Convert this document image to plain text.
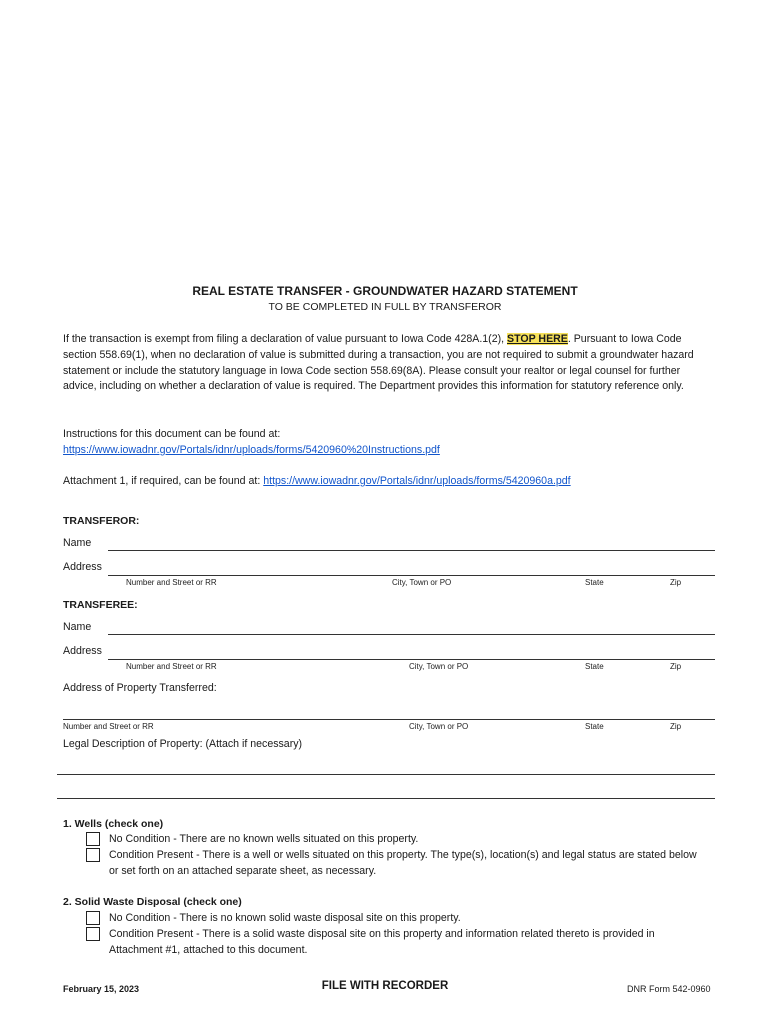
REAL ESTATE TRANSFER - GROUNDWATER HAZARD STATEMENT
TO BE COMPLETED IN FULL BY TRANSFEROR
If the transaction is exempt from filing a declaration of value pursuant to Iowa Code 428A.1(2), STOP HERE. Pursuant to Iowa Code section 558.69(1), when no declaration of value is submitted during a transaction, you are not required to submit a groundwater hazard statement or include the statutory language in Iowa Code section 558.69(8A). Please consult your realtor or legal counsel for further advice, including on whether a declaration of value is required. The Department provides this information for statutory reference only.
Instructions for this document can be found at:
https://www.iowadnr.gov/Portals/idnr/uploads/forms/5420960%20Instructions.pdf
Attachment 1, if required, can be found at: https://www.iowadnr.gov/Portals/idnr/uploads/forms/5420960a.pdf
TRANSFEROR:
Name
Address
Number and Street or RR	City, Town or PO	State	Zip
TRANSFEREE:
Name
Address
Number and Street or RR	City, Town or PO	State	Zip
Address of Property Transferred:
Number and Street or RR	City, Town or PO	State	Zip
Legal Description of Property: (Attach if necessary)
1. Wells (check one)
No Condition - There are no known wells situated on this property.
Condition Present - There is a well or wells situated on this property. The type(s), location(s) and legal status are stated below or set forth on an attached separate sheet, as necessary.
2. Solid Waste Disposal (check one)
No Condition - There is no known solid waste disposal site on this property.
Condition Present - There is a solid waste disposal site on this property and information related thereto is provided in Attachment #1, attached to this document.
February 15, 2023	FILE WITH RECORDER	DNR Form 542-0960
